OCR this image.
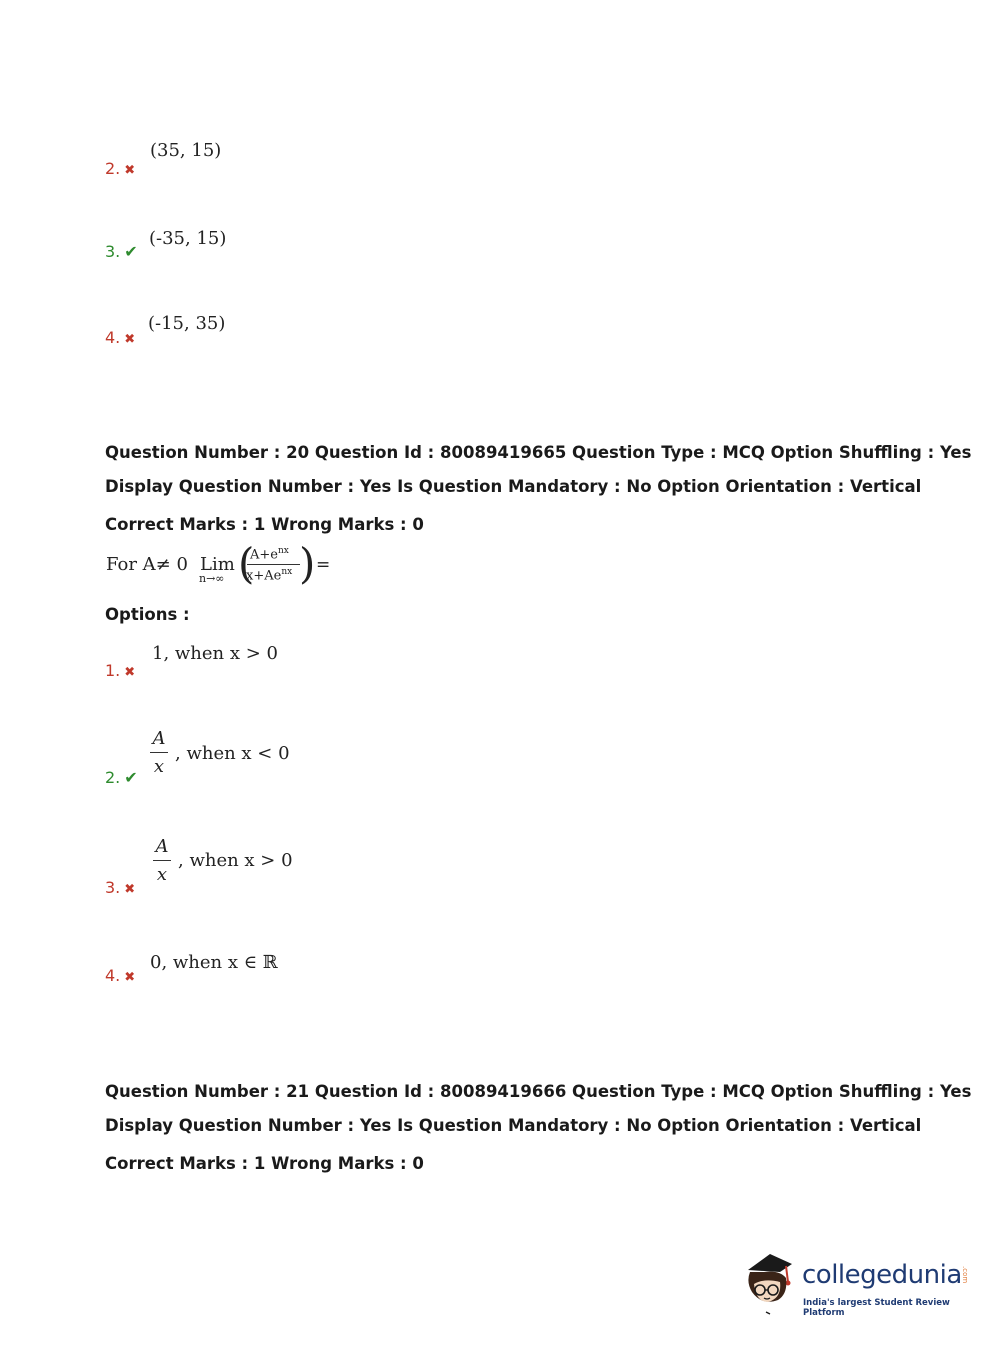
2. ✖
(35, 15)
3. ✔
(-35, 15)
4. ✖
(-15, 35)
Question Number : 20 Question Id : 80089419665 Question Type : MCQ Option Shuffling : Yes
Display Question Number : Yes Is Question Mandatory : No Option Orientation : Vertical
Correct Marks : 1 Wrong Marks : 0
For A≠ 0 Lim
n→∞ (
$A+e^{nx}$
$x+Ae^{nx}$ ) =
Options :
1. ✖
1, when x > 0
2. ✔
A
x
, when x < 0
3. ✖
A
x
, when x > 0
4. ✖
0, when x ∈ ℝ
Question Number : 21 Question Id : 80089419666 Question Type : MCQ Option Shuffling : Yes
Display Question Number : Yes Is Question Mandatory : No Option Orientation : Vertical
Correct Marks : 1 Wrong Marks : 0
collegedunia .com
India's largest Student Review Platform
